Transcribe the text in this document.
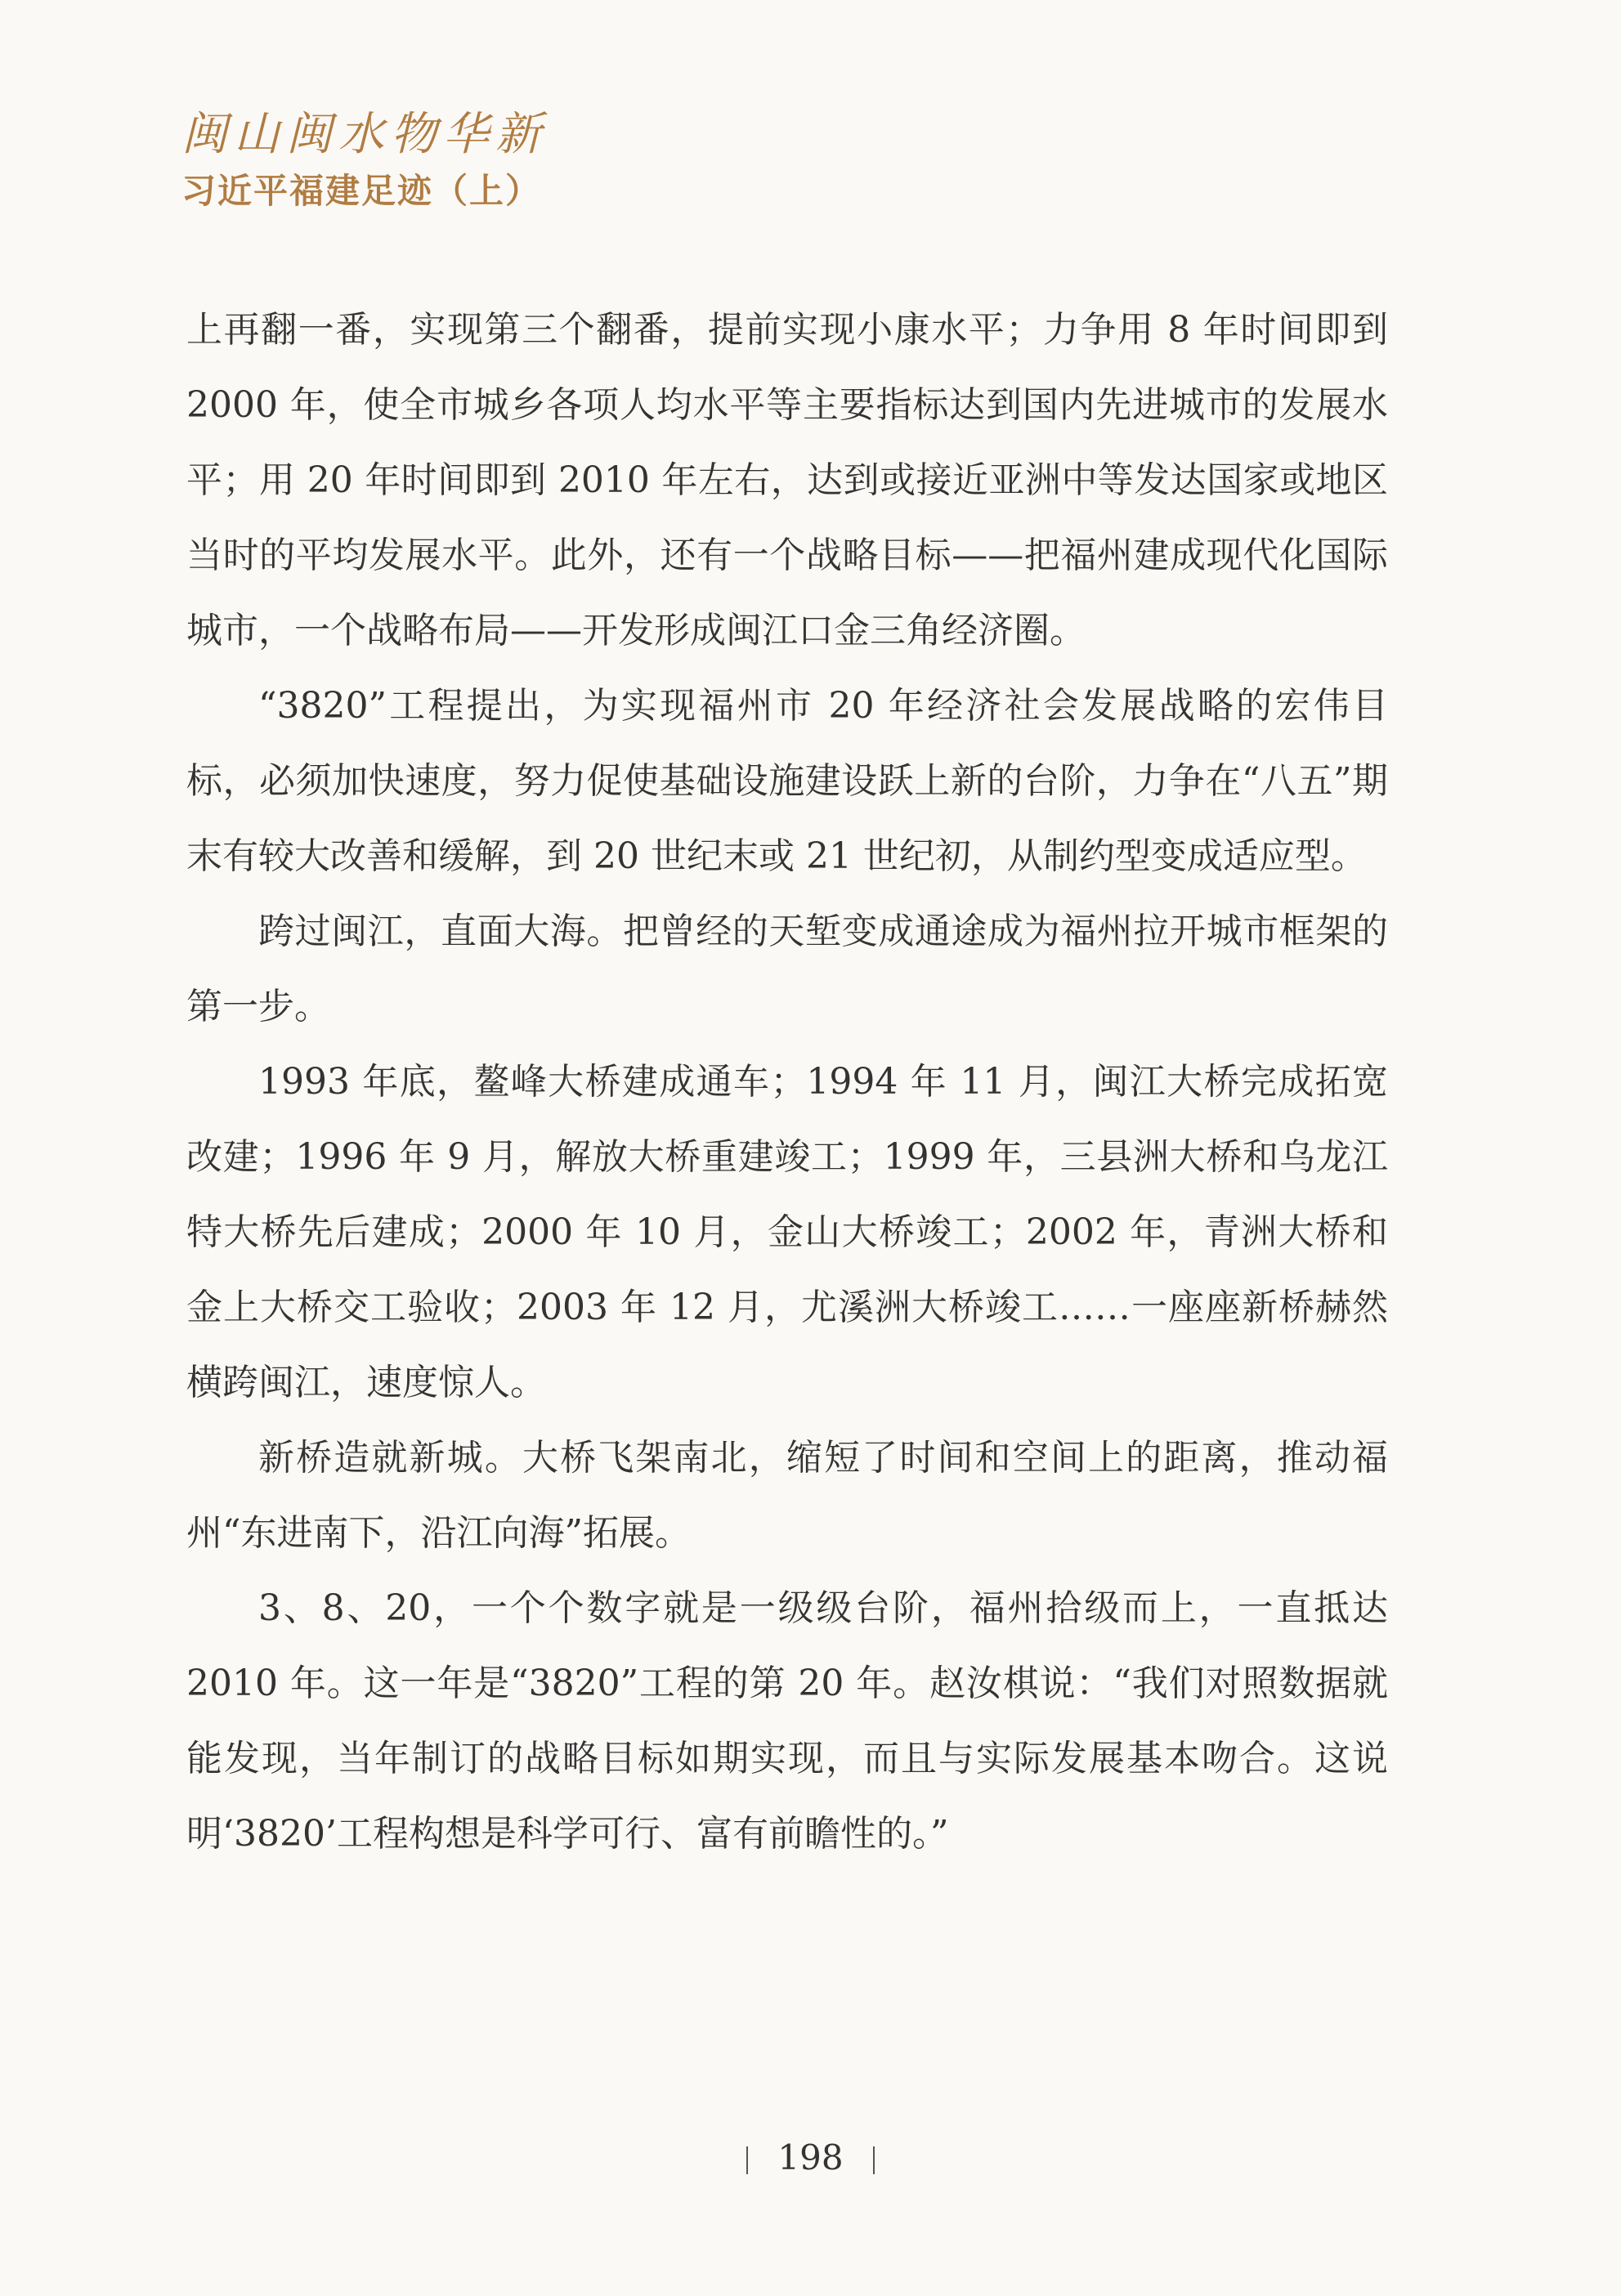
闽山闽水物华新
习近平福建足迹（上）

上再翻一番，实现第三个翻番，提前实现小康水平；力争用 8 年时间即到 2000 年，使全市城乡各项人均水平等主要指标达到国内先进城市的发展水平；用 20 年时间即到 2010 年左右，达到或接近亚洲中等发达国家或地区当时的平均发展水平。此外，还有一个战略目标——把福州建成现代化国际城市，一个战略布局——开发形成闽江口金三角经济圈。

“3820”工程提出，为实现福州市 20 年经济社会发展战略的宏伟目标，必须加快速度，努力促使基础设施建设跃上新的台阶，力争在“八五”期末有较大改善和缓解，到 20 世纪末或 21 世纪初，从制约型变成适应型。

跨过闽江，直面大海。把曾经的天堑变成通途成为福州拉开城市框架的第一步。

1993 年底，鳌峰大桥建成通车；1994 年 11 月，闽江大桥完成拓宽改建；1996 年 9 月，解放大桥重建竣工；1999 年，三县洲大桥和乌龙江特大桥先后建成；2000 年 10 月，金山大桥竣工；2002 年，青洲大桥和金上大桥交工验收；2003 年 12 月，尤溪洲大桥竣工……一座座新桥赫然横跨闽江，速度惊人。

新桥造就新城。大桥飞架南北，缩短了时间和空间上的距离，推动福州“东进南下，沿江向海”拓展。

3、8、20，一个个数字就是一级级台阶，福州拾级而上，一直抵达 2010 年。这一年是“3820”工程的第 20 年。赵汝棋说：“我们对照数据就能发现，当年制订的战略目标如期实现，而且与实际发展基本吻合。这说明‘3820’工程构想是科学可行、富有前瞻性的。”

198
